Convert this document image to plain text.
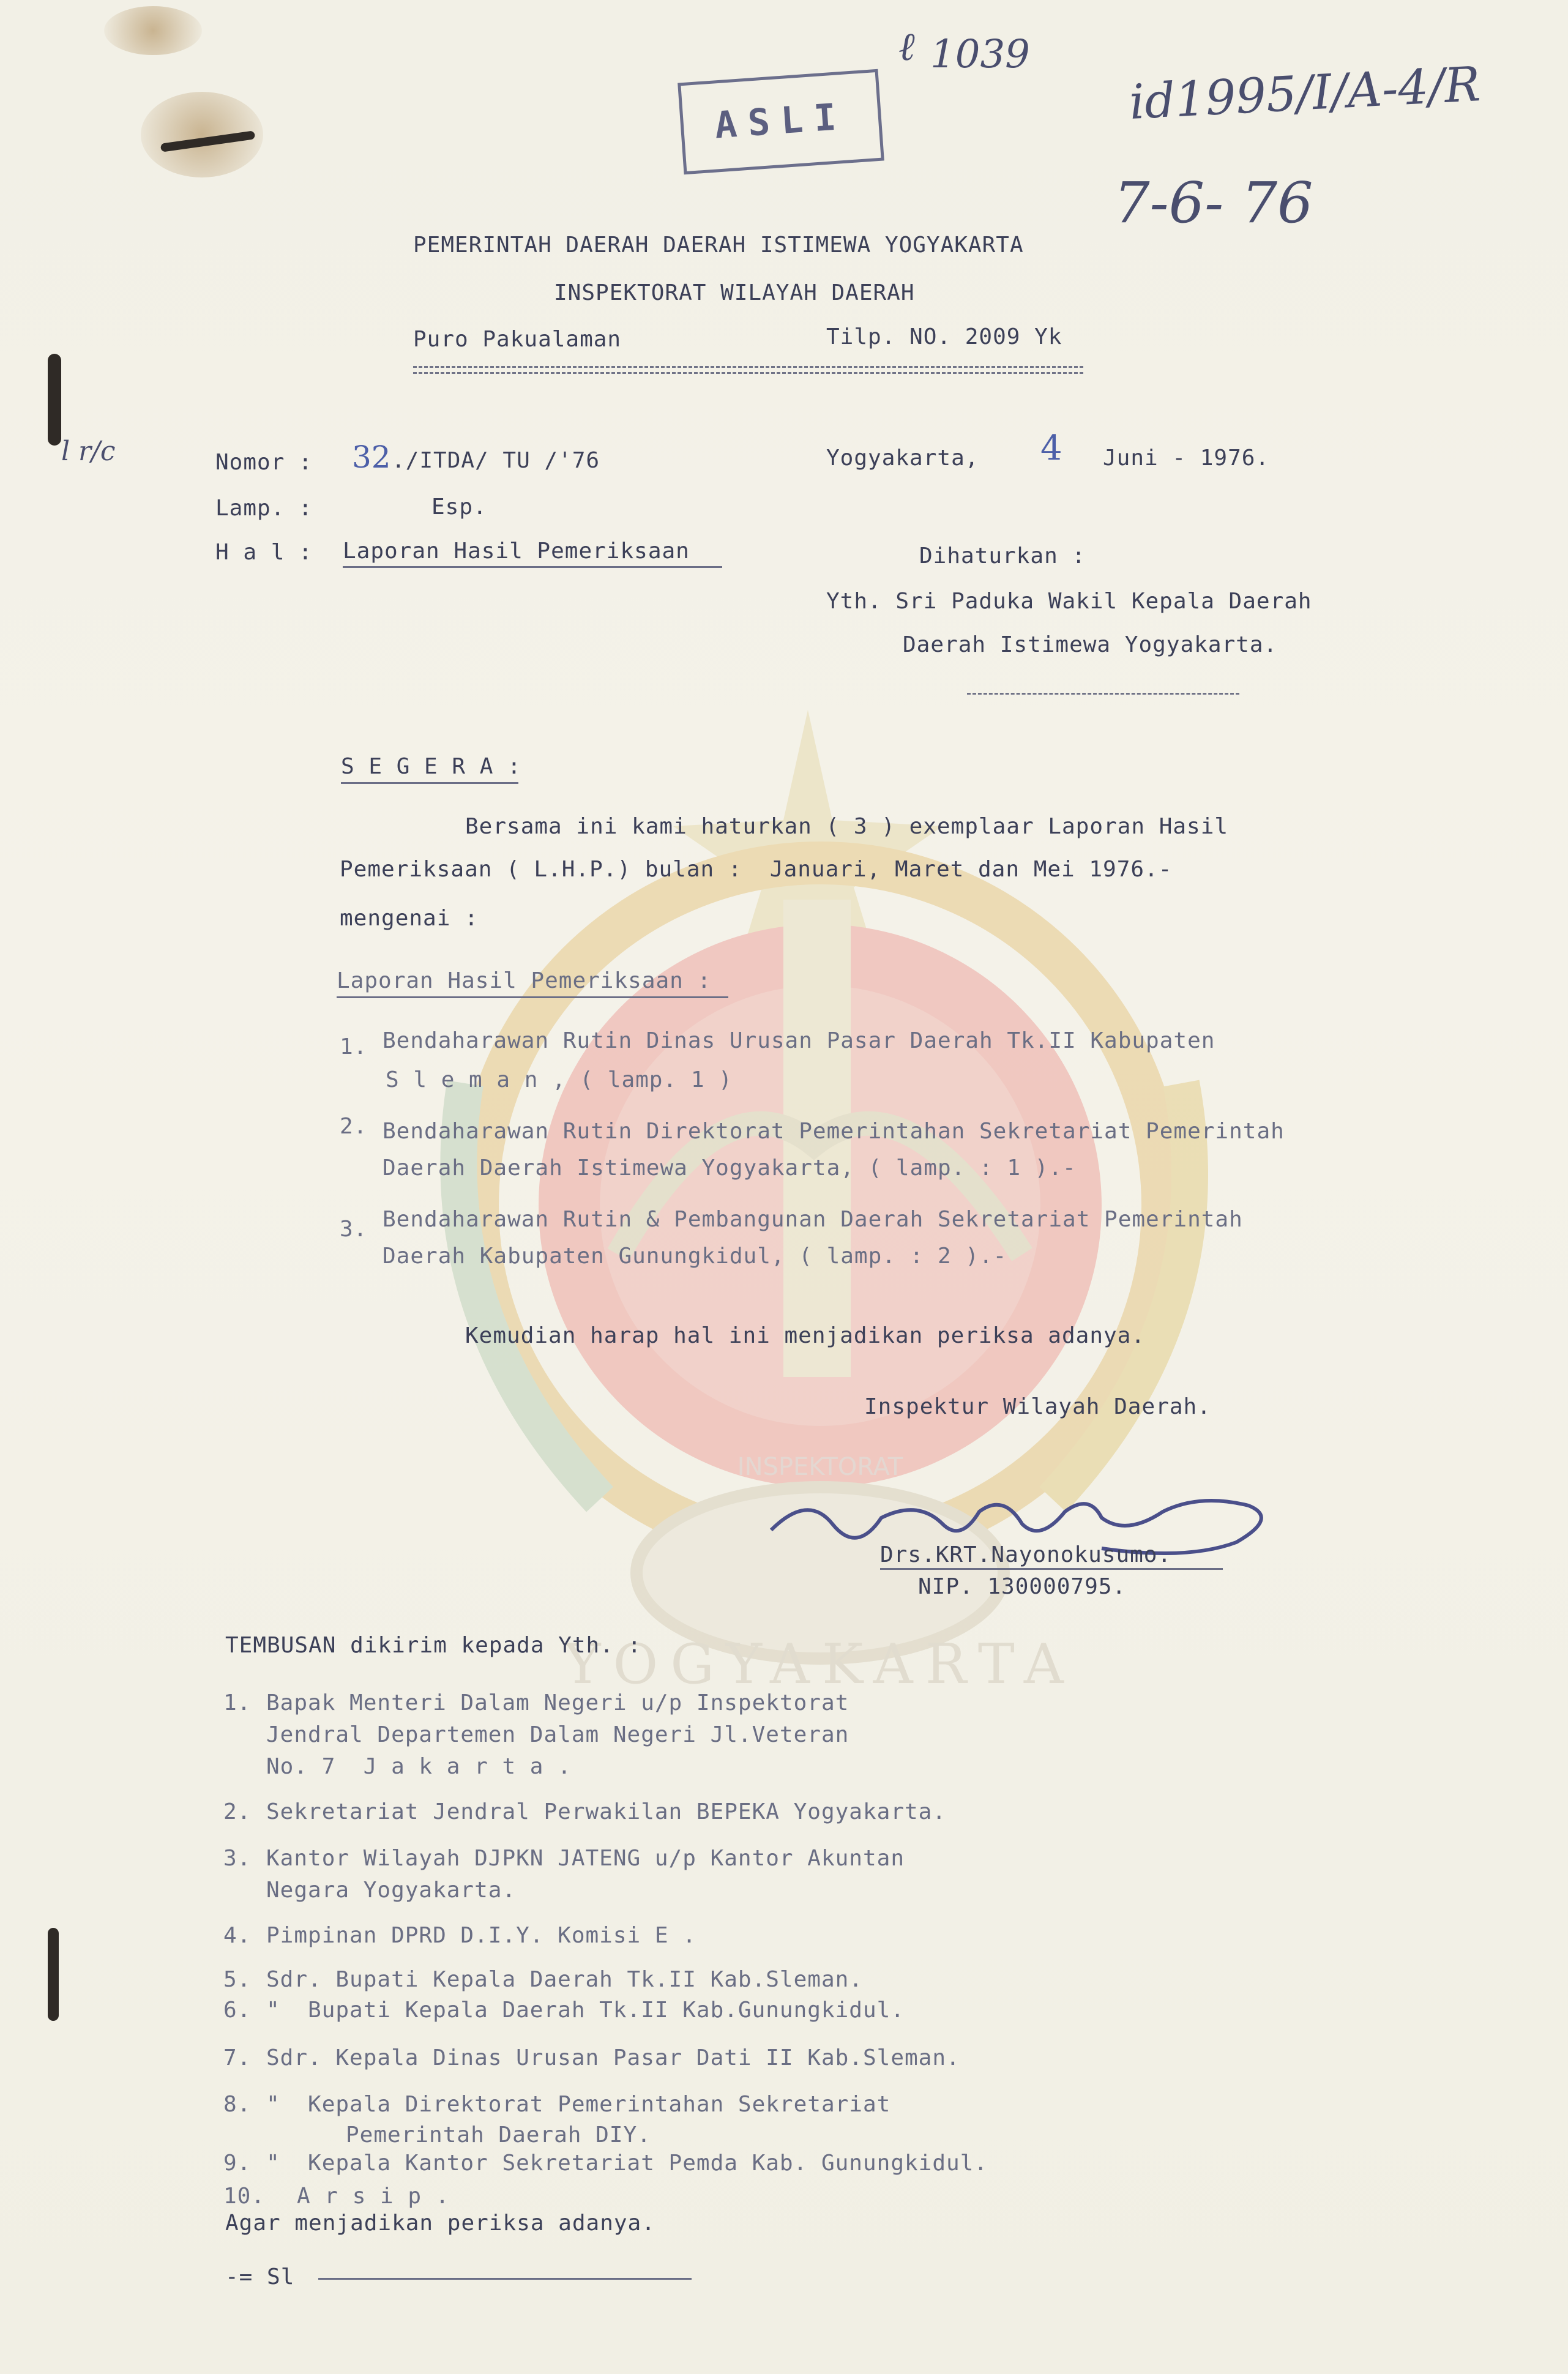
1039
ℓ
id1995/I/A-4/R
7-6- 76
l r/c
ASLI
YOGYAKARTA
INSPEKTORAT
PEMERINTAH DAERAH DAERAH ISTIMEWA YOGYAKARTA
INSPEKTORAT WILAYAH DAERAH
Puro Pakualaman	Tilp. NO. 2009 Yk
Nomor : 32 ./ITDA/ TU /'76
Lamp. :	Esp.
H a l : Laporan Hasil Pemeriksaan
Yogyakarta, 4 Juni - 1976.
Dihaturkan :
Yth. Sri Paduka Wakil Kepala Daerah
Daerah Istimewa Yogyakarta.
S E G E R A :
Bersama ini kami haturkan ( 3 ) exemplaar Laporan Hasil
Pemeriksaan ( L.H.P.) bulan :  Januari, Maret dan Mei 1976.-
mengenai :
Laporan Hasil Pemeriksaan :
1. Bendaharawan Rutin Dinas Urusan Pasar Daerah Tk.II Kabupaten
S l e m a n , ( lamp. 1 )
2. Bendaharawan Rutin Direktorat Pemerintahan Sekretariat Pemerintah
Daerah Daerah Istimewa Yogyakarta, ( lamp. : 1 ).-
3. Bendaharawan Rutin & Pembangunan Daerah Sekretariat Pemerintah
Daerah Kabupaten Gunungkidul, ( lamp. : 2 ).-
Kemudian harap hal ini menjadikan periksa adanya.
Inspektur Wilayah Daerah.
Drs.KRT.Nayonokusumo.
NIP. 130000795.
TEMBUSAN dikirim kepada Yth. :
1. Bapak Menteri Dalam Negeri u/p Inspektorat
Jendral Departemen Dalam Negeri Jl.Veteran
No. 7  J a k a r t a .
2. Sekretariat Jendral Perwakilan BEPEKA Yogyakarta.
3. Kantor Wilayah DJPKN JATENG u/p Kantor Akuntan
Negara Yogyakarta.
4. Pimpinan DPRD D.I.Y. Komisi E .
5. Sdr. Bupati Kepala Daerah Tk.II Kab.Sleman.
6. "  Bupati Kepala Daerah Tk.II Kab.Gunungkidul.
7. Sdr. Kepala Dinas Urusan Pasar Dati II Kab.Sleman.
8. "  Kepala Direktorat Pemerintahan Sekretariat
Pemerintah Daerah DIY.
9. "  Kepala Kantor Sekretariat Pemda Kab. Gunungkidul.
10. A r s i p .
Agar menjadikan periksa adanya.
-= Sl
